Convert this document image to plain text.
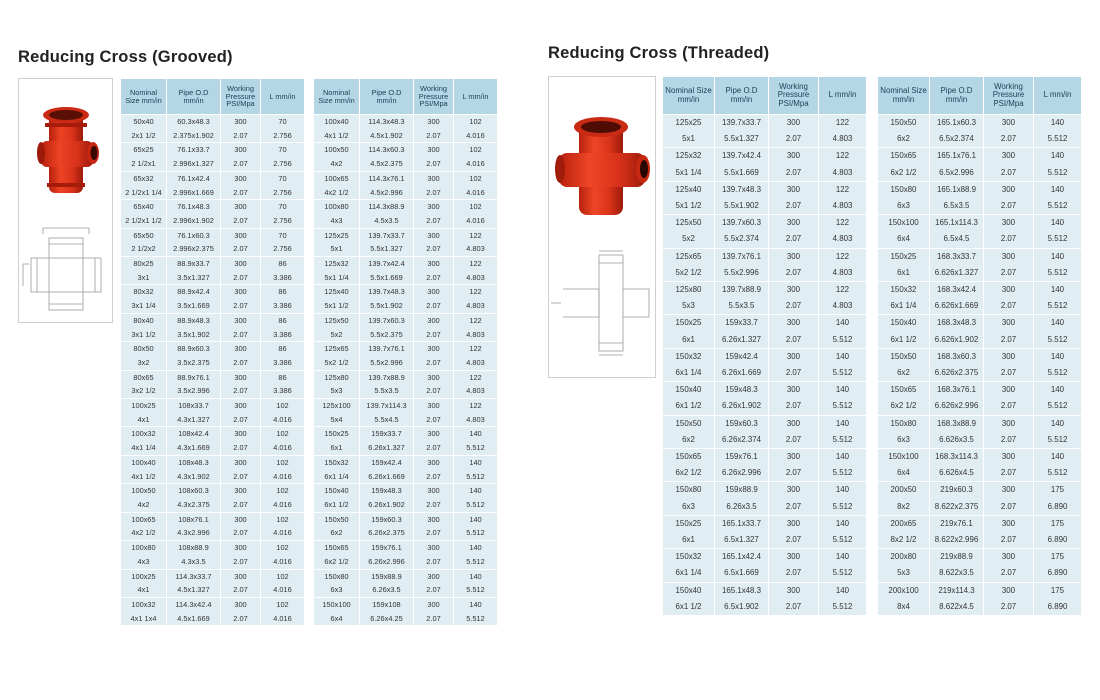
Reducing Cross (Grooved)
Nominal Size mm/in	Pipe O.D mm/in	Working Pressure PSI/Mpa	L mm/in
50x40	60.3x48.3	300	70
2x1 1/2	2.375x1.902	2.07	2.756
65x25	76.1x33.7	300	70
2 1/2x1	2.996x1.327	2.07	2.756
65x32	76.1x42.4	300	70
2 1/2x1 1/4	2.996x1.669	2.07	2.756
65x40	76.1x48.3	300	70
2 1/2x1 1/2	2.996x1.902	2.07	2.756
65x50	76.1x60.3	300	70
2 1/2x2	2.996x2.375	2.07	2.756
80x25	88.9x33.7	300	86
3x1	3.5x1.327	2.07	3.386
80x32	88.9x42.4	300	86
3x1 1/4	3.5x1.669	2.07	3.386
80x40	88.9x48.3	300	86
3x1 1/2	3.5x1.902	2.07	3.386
80x50	88.9x60.3	300	86
3x2	3.5x2.375	2.07	3.386
80x65	88.9x76.1	300	86
3x2 1/2	3.5x2.996	2.07	3.386
100x25	108x33.7	300	102
4x1	4.3x1.327	2.07	4.016
100x32	108x42.4	300	102
4x1 1/4	4.3x1.669	2.07	4.016
100x40	108x48.3	300	102
4x1 1/2	4.3x1.902	2.07	4.016
100x50	108x60.3	300	102
4x2	4.3x2.375	2.07	4.016
100x65	108x76.1	300	102
4x2 1/2	4.3x2.996	2.07	4.016
100x80	108x88.9	300	102
4x3	4.3x3.5	2.07	4.016
100x25	114.3x33.7	300	102
4x1	4.5x1.327	2.07	4.016
100x32	114.3x42.4	300	102
4x1 1x4	4.5x1.669	2.07	4.016
Nominal Size mm/in	Pipe O.D mm/in	Working Pressure PSI/Mpa	L mm/in
100x40	114.3x48.3	300	102
4x1 1/2	4.5x1.902	2.07	4.016
100x50	114.3x60.3	300	102
4x2	4.5x2.375	2.07	4.016
100x65	114.3x76.1	300	102
4x2 1/2	4.5x2.996	2.07	4.016
100x80	114.3x88.9	300	102
4x3	4.5x3.5	2.07	4.016
125x25	139.7x33.7	300	122
5x1	5.5x1.327	2.07	4.803
125x32	139.7x42.4	300	122
5x1 1/4	5.5x1.669	2.07	4.803
125x40	139.7x48.3	300	122
5x1 1/2	5.5x1.902	2.07	4.803
125x50	139.7x60.3	300	122
5x2	5.5x2.375	2.07	4.803
125x65	139.7x76.1	300	122
5x2 1/2	5.5x2.996	2.07	4.803
125x80	139.7x88.9	300	122
5x3	5.5x3.5	2.07	4.803
125x100	139.7x114.3	300	122
5x4	5.5x4.5	2.07	4.803
150x25	159x33.7	300	140
6x1	6.26x1.327	2.07	5.512
150x32	159x42.4	300	140
6x1 1/4	6.26x1.669	2.07	5.512
150x40	159x48.3	300	140
6x1 1/2	6.26x1.902	2.07	5.512
150x50	159x60.3	300	140
6x2	6.26x2.375	2.07	5.512
150x65	159x76.1	300	140
6x2 1/2	6.26x2.996	2.07	5.512
150x80	159x88.9	300	140
6x3	6.26x3.5	2.07	5.512
150x100	159x108	300	140
6x4	6.26x4.25	2.07	5.512
Reducing Cross (Threaded)
Nominal Size mm/in	Pipe O.D mm/in	Working Pressure PSI/Mpa	L mm/in
125x25	139.7x33.7	300	122
5x1	5.5x1.327	2.07	4.803
125x32	139.7x42.4	300	122
5x1 1/4	5.5x1.669	2.07	4.803
125x40	139.7x48.3	300	122
5x1 1/2	5.5x1.902	2.07	4.803
125x50	139.7x60.3	300	122
5x2	5.5x2.374	2.07	4.803
125x65	139.7x76.1	300	122
5x2 1/2	5.5x2.996	2.07	4.803
125x80	139.7x88.9	300	122
5x3	5.5x3.5	2.07	4.803
150x25	159x33.7	300	140
6x1	6.26x1.327	2.07	5.512
150x32	159x42.4	300	140
6x1 1/4	6.26x1.669	2.07	5.512
150x40	159x48.3	300	140
6x1 1/2	6.26x1.902	2.07	5.512
150x50	159x60.3	300	140
6x2	6.26x2.374	2.07	5.512
150x65	159x76.1	300	140
6x2 1/2	6.26x2.996	2.07	5.512
150x80	159x88.9	300	140
6x3	6.26x3.5	2.07	5.512
150x25	165.1x33.7	300	140
6x1	6.5x1.327	2.07	5.512
150x32	165.1x42.4	300	140
6x1 1/4	6.5x1.669	2.07	5.512
150x40	165.1x48.3	300	140
6x1 1/2	6.5x1.902	2.07	5.512
Nominal Size mm/in	Pipe O.D mm/in	Working Pressure PSI/Mpa	L mm/in
150x50	165.1x60.3	300	140
6x2	6.5x2.374	2.07	5.512
150x65	165.1x76.1	300	140
6x2 1/2	6.5x2.996	2.07	5.512
150x80	165.1x88.9	300	140
6x3	6.5x3.5	2.07	5.512
150x100	165.1x114.3	300	140
6x4	6.5x4.5	2.07	5.512
150x25	168.3x33.7	300	140
6x1	6.626x1.327	2.07	5.512
150x32	168.3x42.4	300	140
6x1 1/4	6.626x1.669	2.07	5.512
150x40	168.3x48.3	300	140
6x1 1/2	6.626x1.902	2.07	5.512
150x50	168.3x60.3	300	140
6x2	6.626x2.375	2.07	5.512
150x65	168.3x76.1	300	140
6x2 1/2	6.626x2.996	2.07	5.512
150x80	168.3x88.9	300	140
6x3	6.626x3.5	2.07	5.512
150x100	168.3x114.3	300	140
6x4	6.626x4.5	2.07	5.512
200x50	219x60.3	300	175
8x2	8.622x2.375	2.07	6.890
200x65	219x76.1	300	175
8x2 1/2	8.622x2.996	2.07	6.890
200x80	219x88.9	300	175
5x3	8.622x3.5	2.07	6.890
200x100	219x114.3	300	175
8x4	8.622x4.5	2.07	6.890
